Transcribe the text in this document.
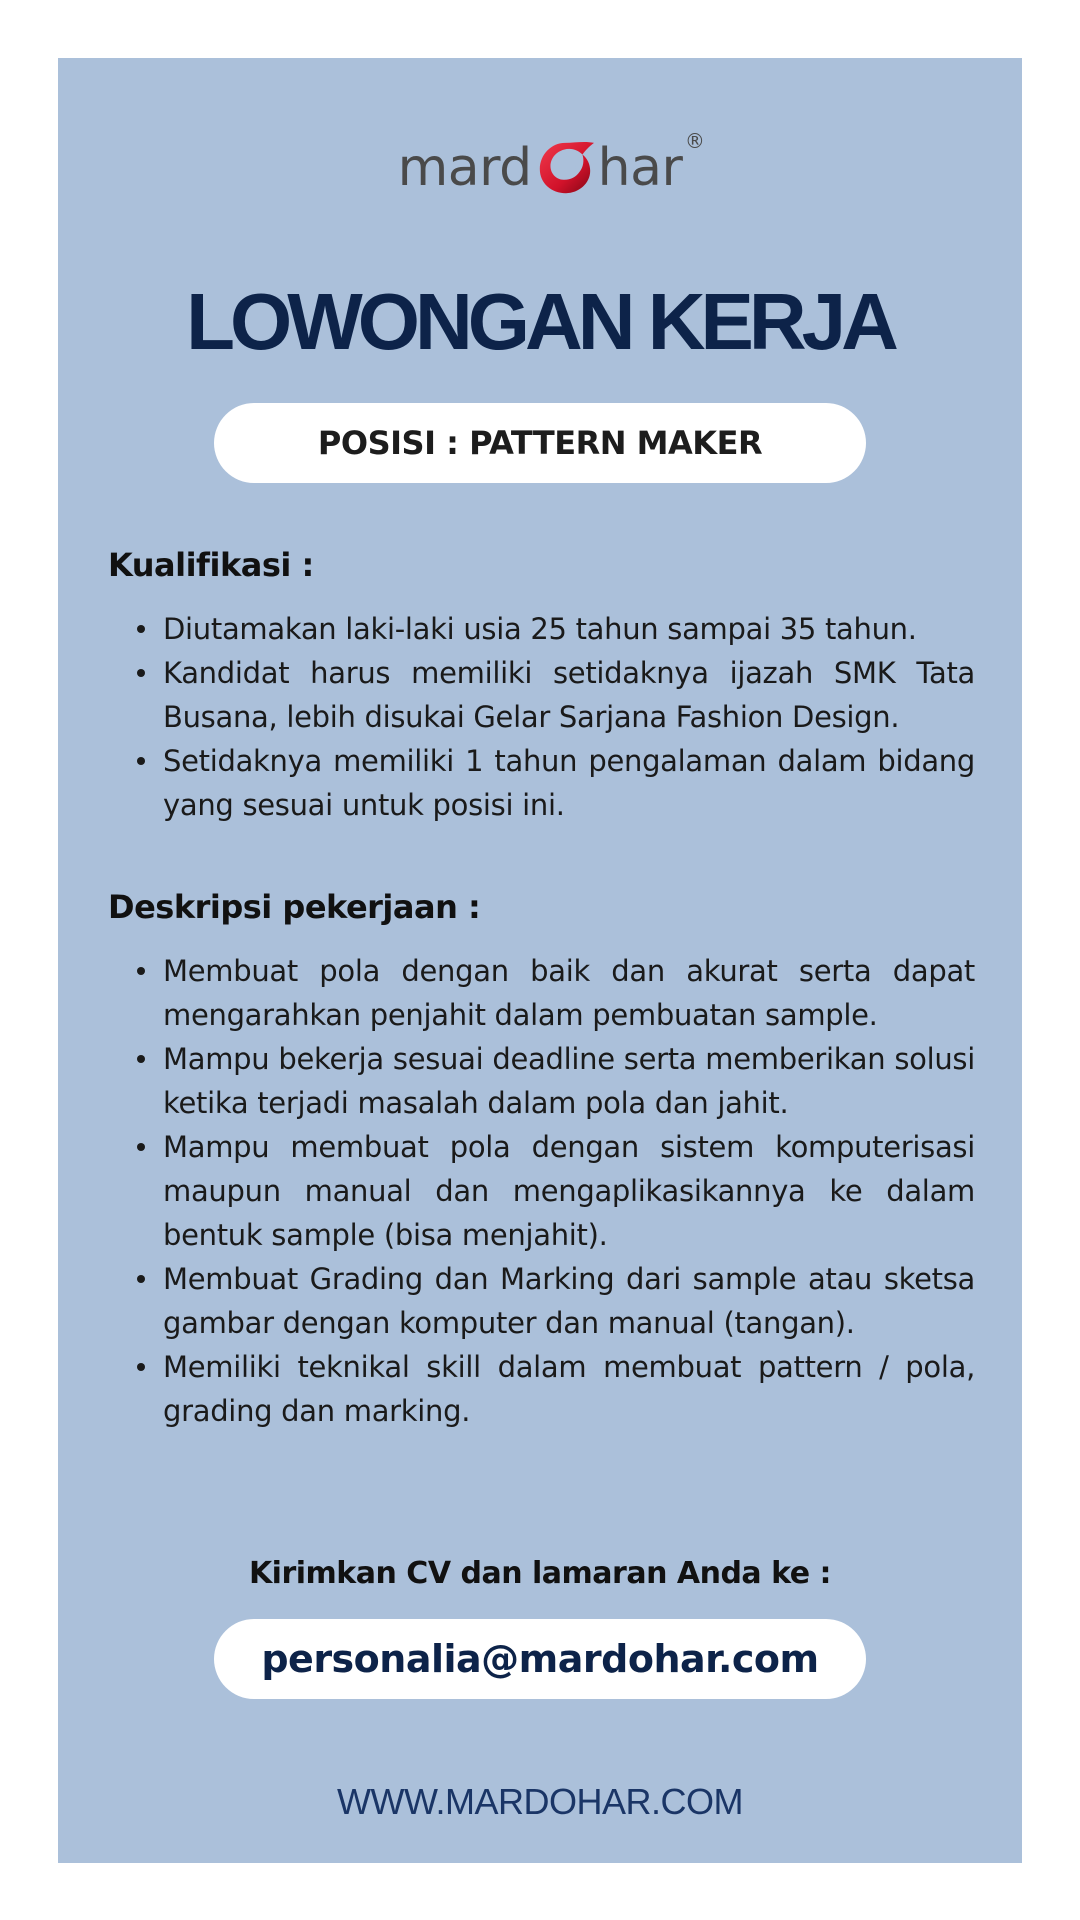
mard har ®
LOWONGAN KERJA
POSISI : PATTERN MAKER
Kualifikasi :
Diutamakan laki-laki usia 25 tahun sampai 35 tahun.
Kandidat harus memiliki setidaknya ijazah SMK Tata Busana, lebih disukai Gelar Sarjana Fashion Design.
Setidaknya memiliki 1 tahun pengalaman dalam bidang yang sesuai untuk posisi ini.
Deskripsi pekerjaan :
Membuat pola dengan baik dan akurat serta dapat mengarahkan penjahit dalam pembuatan sample.
Mampu bekerja sesuai deadline serta memberikan solusi ketika terjadi masalah dalam pola dan jahit.
Mampu membuat pola dengan sistem komputerisasi maupun manual dan mengaplikasikannya ke dalam bentuk sample (bisa menjahit).
Membuat Grading dan Marking dari sample atau sketsa gambar dengan komputer dan manual (tangan).
Memiliki teknikal skill dalam membuat pattern / pola, grading dan marking.

Kirimkan CV dan lamaran Anda ke :

personalia@mardohar.com

WWW.MARDOHAR.COM
